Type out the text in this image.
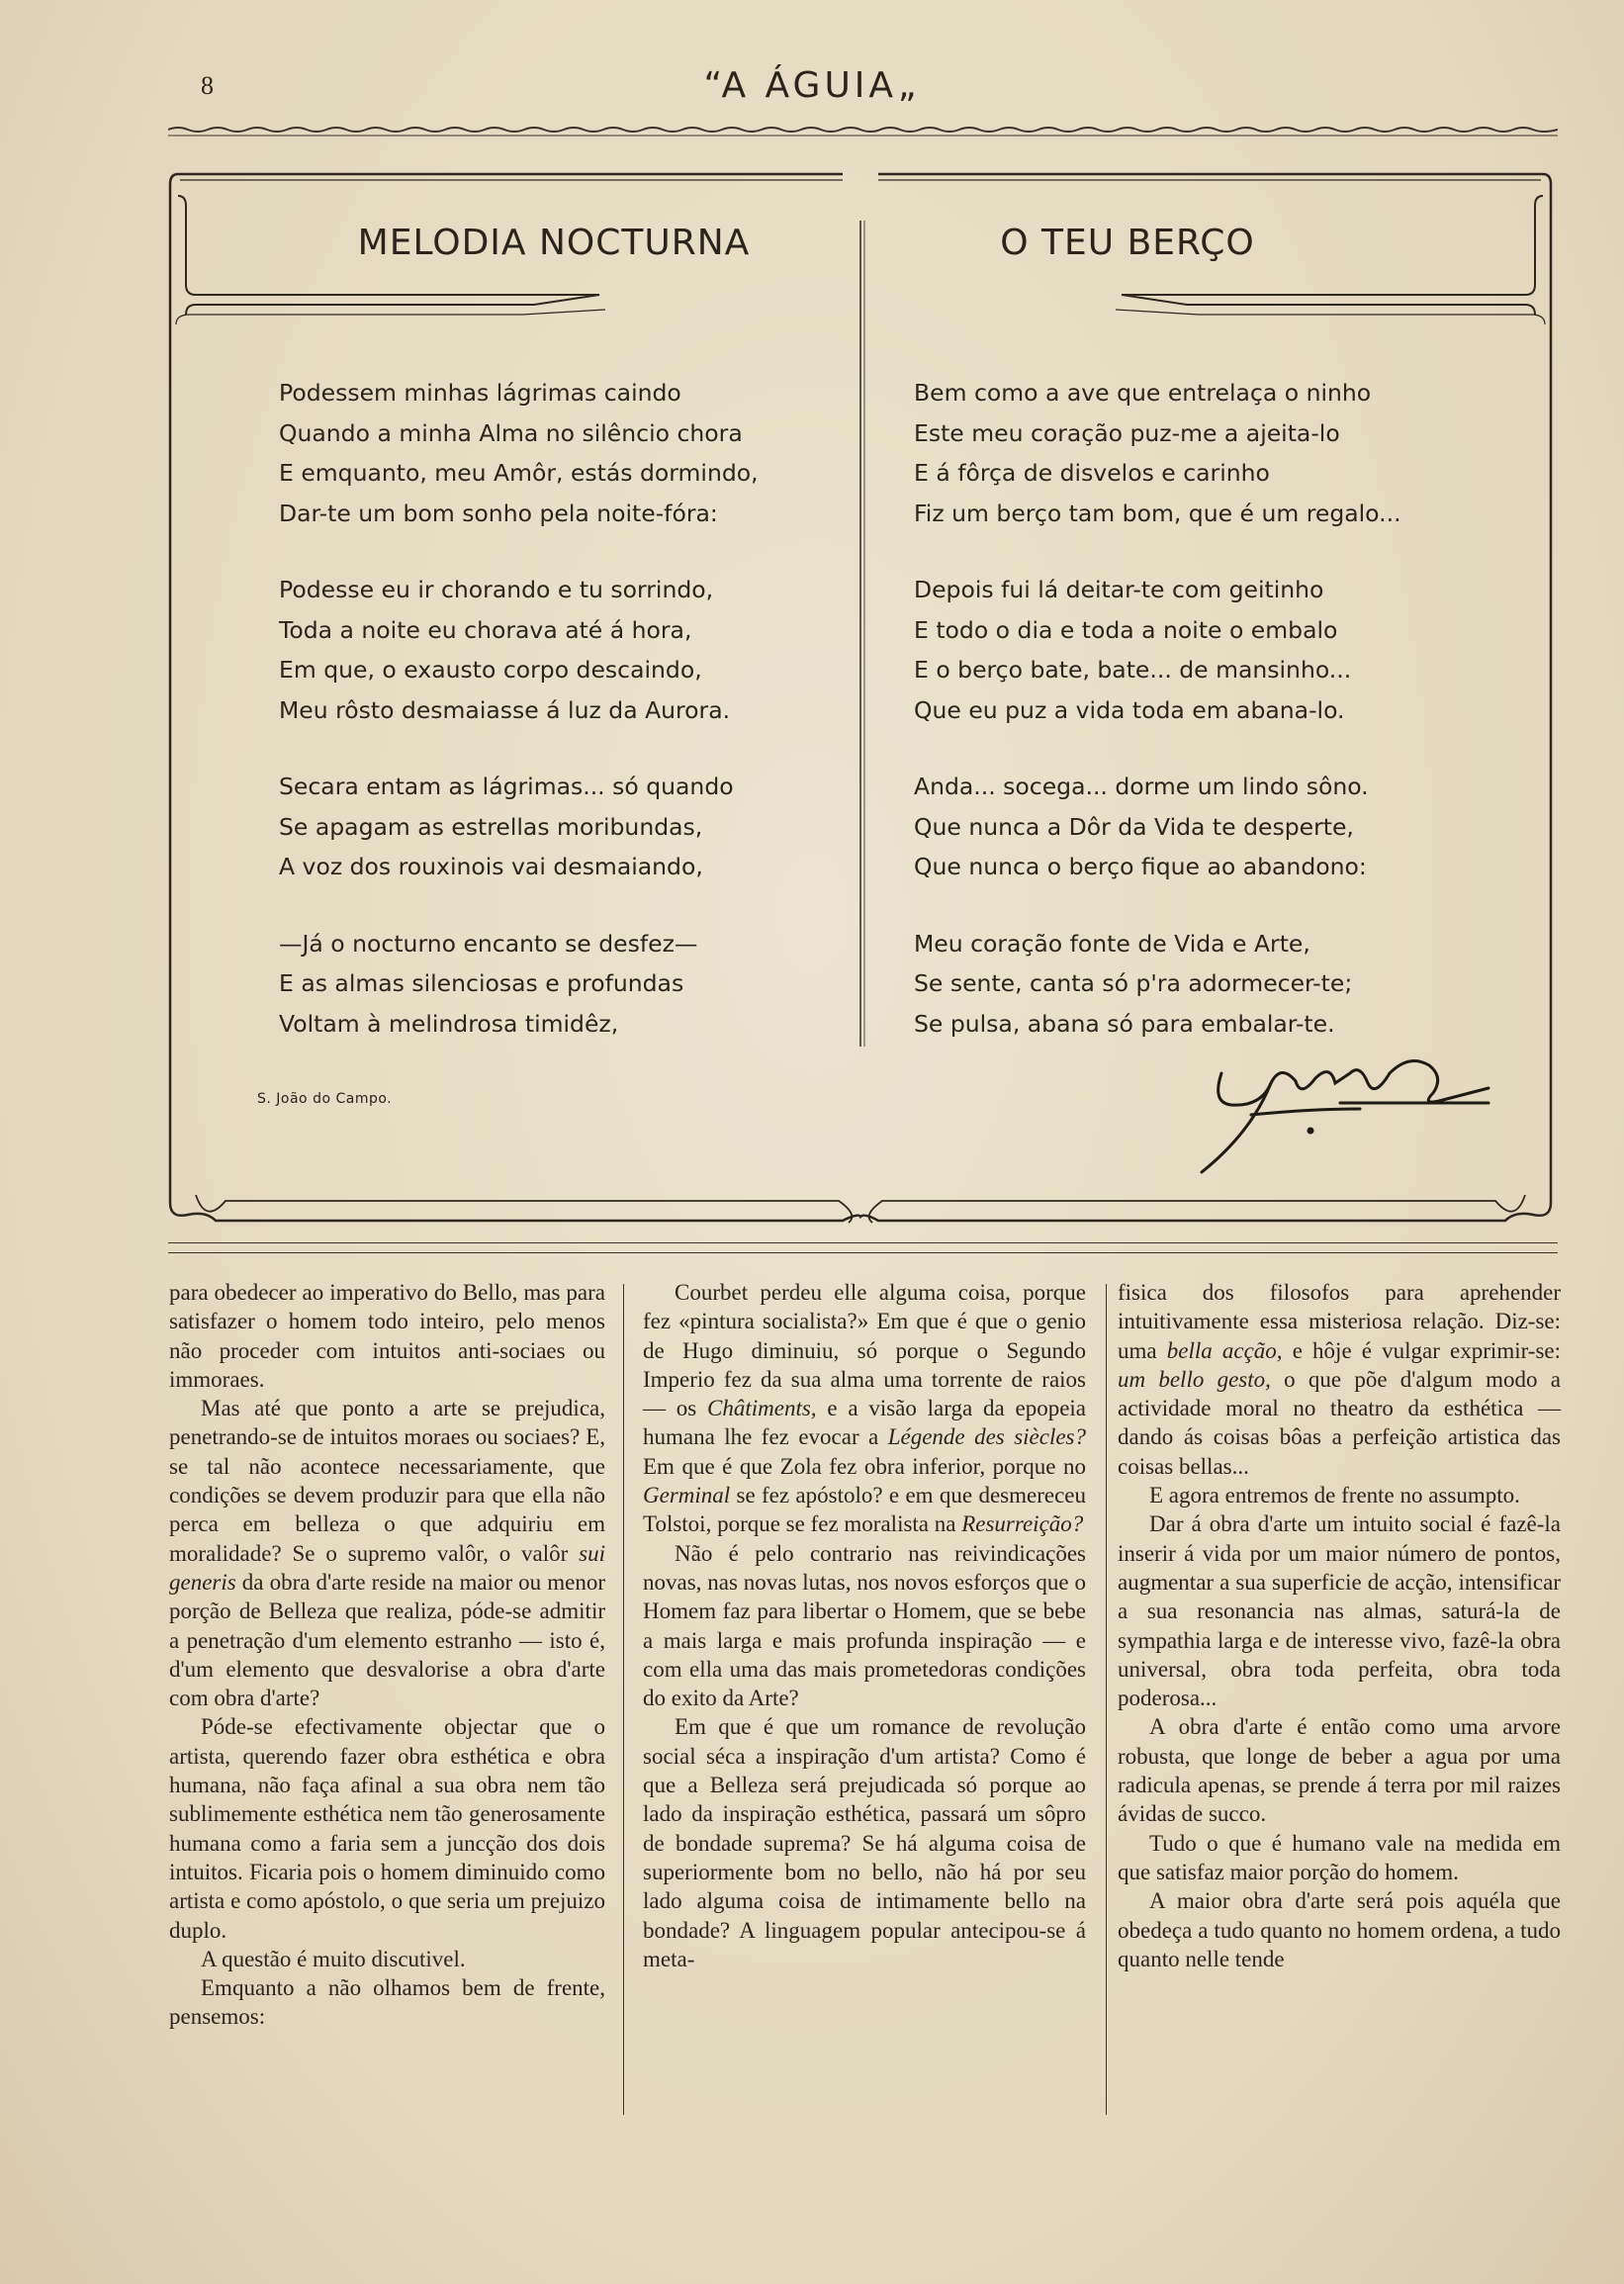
8	“A ÁGUIA„
MELODIA NOCTURNA	O TEU BERÇO
Podessem minhas lágrimas caindo
Quando a minha Alma no silêncio chora
E emquanto, meu Amôr, estás dormindo,
Dar-te um bom sonho pela noite-fóra:
Podesse eu ir chorando e tu sorrindo,
Toda a noite eu chorava até á hora,
Em que, o exausto corpo descaindo,
Meu rôsto desmaiasse á luz da Aurora.
Secara entam as lágrimas... só quando
Se apagam as estrellas moribundas,
A voz dos rouxinois vai desmaiando,
—Já o nocturno encanto se desfez—
E as almas silenciosas e profundas
Voltam à melindrosa timidêz,
Bem como a ave que entrelaça o ninho
Este meu coração puz-me a ajeita-lo
E á fôrça de disvelos e carinho
Fiz um berço tam bom, que é um regalo...
Depois fui lá deitar-te com geitinho
E todo o dia e toda a noite o embalo
E o berço bate, bate... de mansinho...
Que eu puz a vida toda em abana-lo.
Anda... socega... dorme um lindo sôno.
Que nunca a Dôr da Vida te desperte,
Que nunca o berço fique ao abandono:
Meu coração fonte de Vida e Arte,
Se sente, canta só p'ra adormecer-te;
Se pulsa, abana só para embalar-te.
S. João do Campo.

para obedecer ao imperativo do Bello, mas para satisfazer o homem todo inteiro, pelo menos não proceder com intuitos anti-sociaes ou immoraes.

Mas até que ponto a arte se prejudica, penetrando-se de intuitos moraes ou sociaes? E, se tal não acontece necessariamente, que condições se devem produzir para que ella não perca em belleza o que adquiriu em moralidade? Se o supremo valôr, o valôr sui generis da obra d'arte reside na maior ou menor porção de Belleza que realiza, póde-se admitir a penetração d'um elemento estranho — isto é, d'um elemento que desvalorise a obra d'arte com obra d'arte?

Póde-se efectivamente objectar que o artista, querendo fazer obra esthética e obra humana, não faça afinal a sua obra nem tão sublimemente esthética nem tão generosamente humana como a faria sem a juncção dos dois intuitos. Ficaria pois o homem diminuido como artista e como apóstolo, o que seria um prejuizo duplo.

A questão é muito discutivel.

Emquanto a não olhamos bem de frente, pensemos:

Courbet perdeu elle alguma coisa, porque fez «pintura socialista?» Em que é que o genio de Hugo diminuiu, só porque o Segundo Imperio fez da sua alma uma torrente de raios — os Châtiments, e a visão larga da epopeia humana lhe fez evocar a Légende des siècles? Em que é que Zola fez obra inferior, porque no Germinal se fez apóstolo? e em que desmereceu Tolstoi, porque se fez moralista na Resurreição?

Não é pelo contrario nas reivindicações novas, nas novas lutas, nos novos esforços que o Homem faz para libertar o Homem, que se bebe a mais larga e mais profunda inspiração — e com ella uma das mais prometedoras condições do exito da Arte?

Em que é que um romance de revolução social séca a inspiração d'um artista? Como é que a Belleza será prejudicada só porque ao lado da inspiração esthética, passará um sôpro de bondade suprema? Se há alguma coisa de superiormente bom no bello, não há por seu lado alguma coisa de intimamente bello na bondade? A linguagem popular antecipou-se á meta-

fisica dos filosofos para aprehender intuitivamente essa misteriosa relação. Diz-se: uma bella acção, e hôje é vulgar exprimir-se: um bello gesto, o que põe d'algum modo a actividade moral no theatro da esthética — dando ás coisas bôas a perfeição artistica das coisas bellas...

E agora entremos de frente no assumpto.

Dar á obra d'arte um intuito social é fazê-la inserir á vida por um maior número de pontos, augmentar a sua superficie de acção, intensificar a sua resonancia nas almas, saturá-la de sympathia larga e de interesse vivo, fazê-la obra universal, obra toda perfeita, obra toda poderosa...

A obra d'arte é então como uma arvore robusta, que longe de beber a agua por uma radicula apenas, se prende á terra por mil raizes ávidas de succo.

Tudo o que é humano vale na medida em que satisfaz maior porção do homem.

A maior obra d'arte será pois aquéla que obedeça a tudo quanto no homem ordena, a tudo quanto nelle tende
